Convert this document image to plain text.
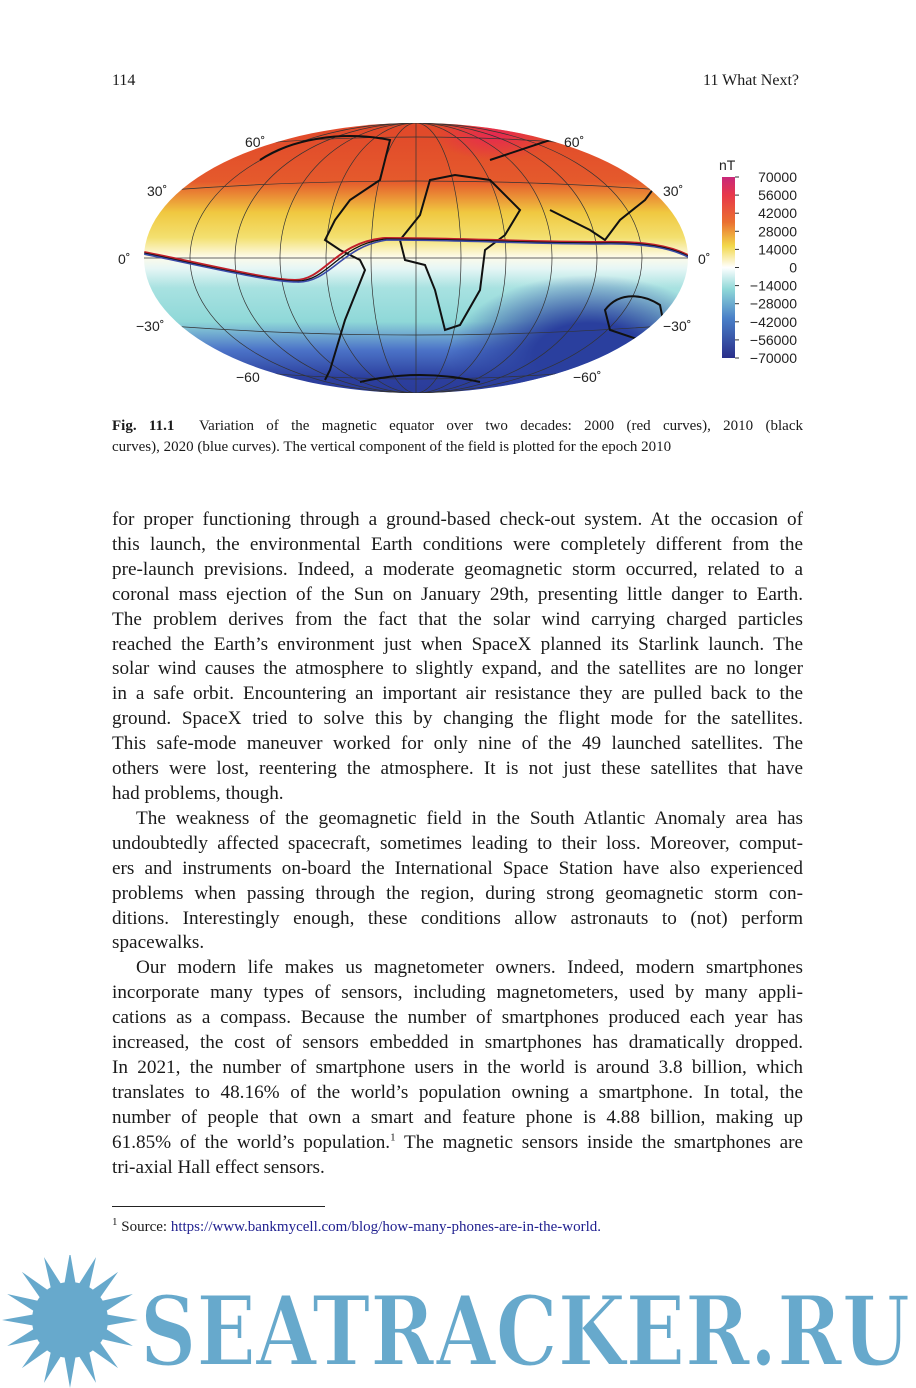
114	11 What Next?
60˚
30˚
0˚
−30˚
−60
60˚
30˚
0˚
−30˚
−60˚
nT
70000
56000
42000
28000
14000
0
−14000
−28000
−42000
−56000
−70000
Fig. 11.1 Variation of the magnetic equator over two decades: 2000 (red curves), 2010 (black
curves), 2020 (blue curves). The vertical component of the field is plotted for the epoch 2010
for proper functioning through a ground-based check-out system. At the occasion of
this launch, the environmental Earth conditions were completely different from the
pre-launch previsions. Indeed, a moderate geomagnetic storm occurred, related to a
coronal mass ejection of the Sun on January 29th, presenting little danger to Earth.
The problem derives from the fact that the solar wind carrying charged particles
reached the Earth’s environment just when SpaceX planned its Starlink launch. The
solar wind causes the atmosphere to slightly expand, and the satellites are no longer
in a safe orbit. Encountering an important air resistance they are pulled back to the
ground. SpaceX tried to solve this by changing the flight mode for the satellites.
This safe-mode maneuver worked for only nine of the 49 launched satellites. The
others were lost, reentering the atmosphere. It is not just these satellites that have
had problems, though.
The weakness of the geomagnetic field in the South Atlantic Anomaly area has
undoubtedly affected spacecraft, sometimes leading to their loss. Moreover, comput-
ers and instruments on-board the International Space Station have also experienced
problems when passing through the region, during strong geomagnetic storm con-
ditions. Interestingly enough, these conditions allow astronauts to (not) perform
spacewalks.
Our modern life makes us magnetometer owners. Indeed, modern smartphones
incorporate many types of sensors, including magnetometers, used by many appli-
cations as a compass. Because the number of smartphones produced each year has
increased, the cost of sensors embedded in smartphones has dramatically dropped.
In 2021, the number of smartphone users in the world is around 3.8 billion, which
translates to 48.16% of the world’s population owning a smartphone. In total, the
number of people that own a smart and feature phone is 4.88 billion, making up
61.85% of the world’s population.$^1$ The magnetic sensors inside the smartphones are
tri-axial Hall effect sensors.
$^1$ Source: https://www.bankmycell.com/blog/how-many-phones-are-in-the-world.
SEATRACKER.RU
